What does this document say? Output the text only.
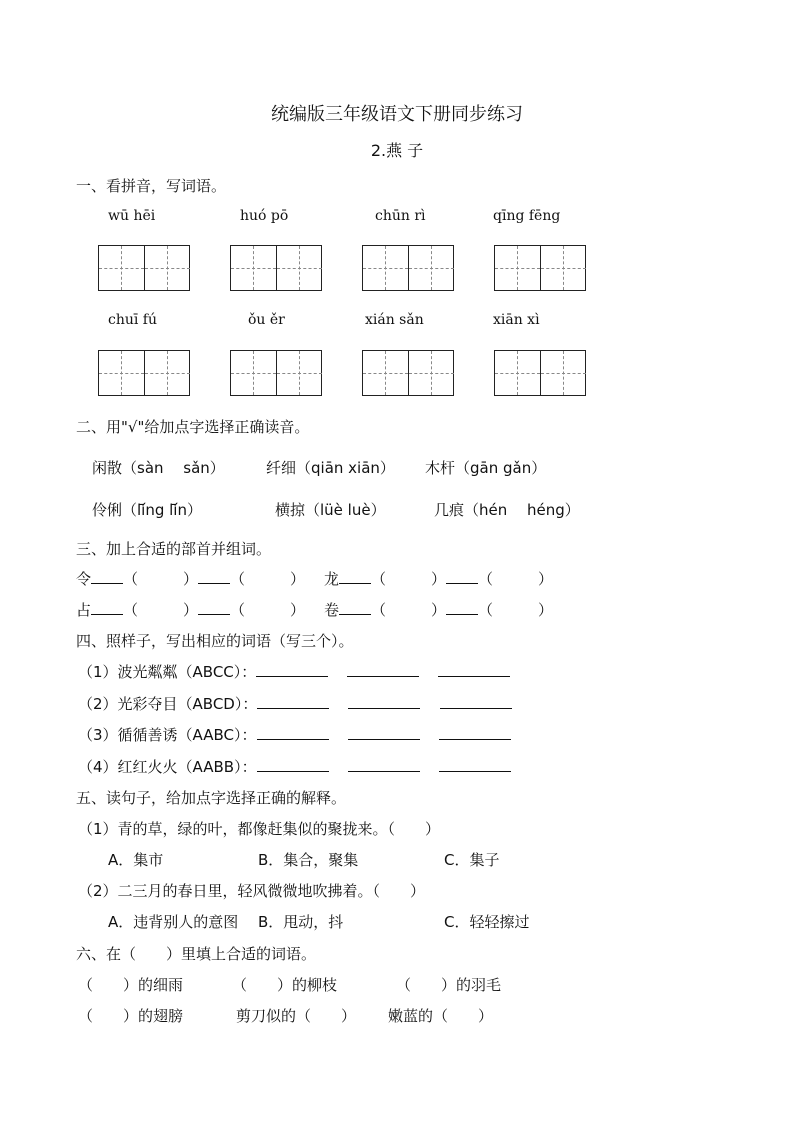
统编版三年级语文下册同步练习
2.燕 子
一、看拼音，写词语。
wū hēi	huó pō	chūn rì	qīng fēng
chuī fú	ǒu ěr	xián sǎn	xiān xì
二、用"√"给加点字选择正确读音。
闲散（sàn　 sǎn）	纤细（qiān xiān） 木杆（gān gǎn）
伶俐（lí̄ng lí̄n）	横掠（lüè luè）	几痕（hén　 héng）
三、加上合适的部首并组词。
令 （　　　） （　　　） 龙 （　　　） （　　　）
占 （　　　） （　　　） 卷 （　　　） （　　　）
四、照样子，写出相应的词语（写三个）。
（1）波光粼粼（ABCC）：
（2）光彩夺目（ABCD）：
（3）循循善诱（AABC）：
（4）红红火火（AABB）：
五、读句子，给加点字选择正确的解释。
（1）青的草，绿的叶，都像赶集似的聚拢来。（　　）
A．集市	B．集合，聚集	C．集子
（2）二三月的春日里，轻风微微地吹拂着。（　　）
A．违背别人的意图 B．甩动，抖	C．轻轻擦过
六、在（　　）里填上合适的词语。
（　　）的细雨	（　　）的柳枝	（　　）的羽毛
（　　）的翅膀	剪刀似的（　　） 嫩蓝的（　　）
